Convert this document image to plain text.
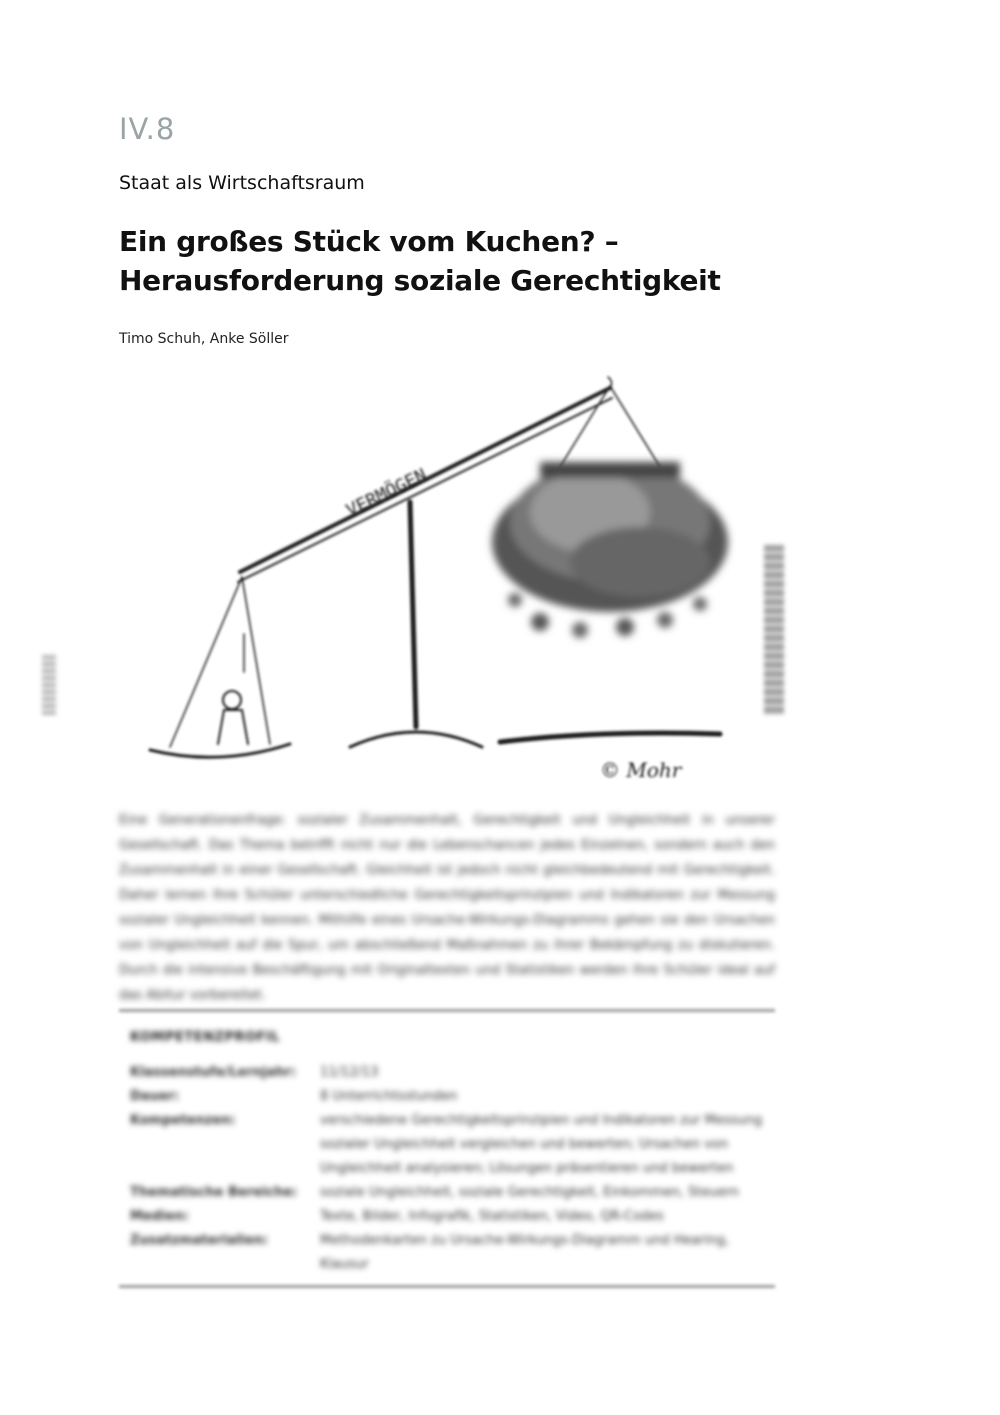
IV.8
Staat als Wirtschaftsraum
Ein großes Stück vom Kuchen? –
Herausforderung soziale Gerechtigkeit
Timo Schuh, Anke Söller
© Mohr
VERMÖGEN
Eine Generationenfrage: sozialer Zusammenhalt, Gerechtigkeit und Ungleichheit in unserer Gesellschaft. Das Thema betrifft nicht nur die Lebenschancen jedes Einzelnen, sondern auch den Zusammenhalt in einer Gesellschaft. Gleichheit ist jedoch nicht gleichbedeutend mit Gerechtigkeit. Daher lernen Ihre Schüler unterschiedliche Gerechtigkeitsprinzipien und Indikatoren zur Messung sozialer Ungleichheit kennen. Mithilfe eines Ursache-Wirkungs-Diagramms gehen sie den Ursachen von Ungleichheit auf die Spur, um abschließend Maßnahmen zu ihrer Bekämpfung zu diskutieren. Durch die intensive Beschäftigung mit Originaltexten und Statistiken werden Ihre Schüler ideal auf das Abitur vorbereitet.
KOMPETENZPROFIL
Klassenstufe/Lernjahr:	11/12/13
Dauer:	8 Unterrichtsstunden
Kompetenzen:	verschiedene Gerechtigkeitsprinzipien und Indikatoren zur Messung sozialer Ungleichheit vergleichen und bewerten; Ursachen von Ungleichheit analysieren; Lösungen präsentieren und bewerten
Thematische Bereiche:	soziale Ungleichheit, soziale Gerechtigkeit, Einkommen, Steuern
Medien:	Texte, Bilder, Infografik, Statistiken, Video, QR-Codes
Zusatzmaterialien:	Methodenkarten zu Ursache-Wirkungs-Diagramm und Hearing, Klausur
